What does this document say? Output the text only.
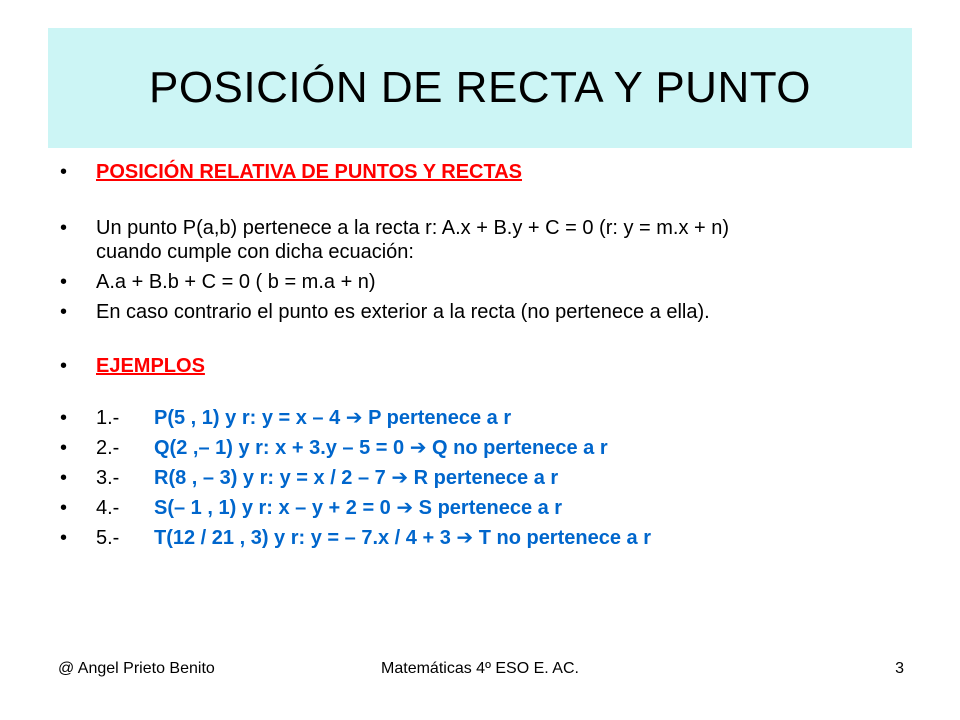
POSICIÓN DE RECTA Y PUNTO
•	POSICIÓN RELATIVA DE PUNTOS Y RECTAS
•	Un punto P(a,b) pertenece a la recta r: A.x + B.y + C = 0 (r: y = m.x + n)
cuando cumple con dicha ecuación:
•	A.a + B.b + C = 0 ( b = m.a + n)
•	En caso contrario el punto es exterior a la recta (no pertenece a ella).
•	EJEMPLOS
•	1.- P(5 , 1) y r: y = x – 4 ➔ P pertenece a r
•	2.- Q(2 ,– 1) y r: x + 3.y – 5 = 0 ➔ Q no pertenece a r
•	3.- R(8 , – 3) y r: y = x / 2 – 7 ➔ R pertenece a r
•	4.- S(– 1 , 1) y r: x – y + 2 = 0 ➔ S pertenece a r
•	5.- T(12 / 21 , 3) y r: y = – 7.x / 4 + 3 ➔ T no pertenece a r
@ Angel Prieto Benito	Matemáticas 4º ESO E. AC.	3
